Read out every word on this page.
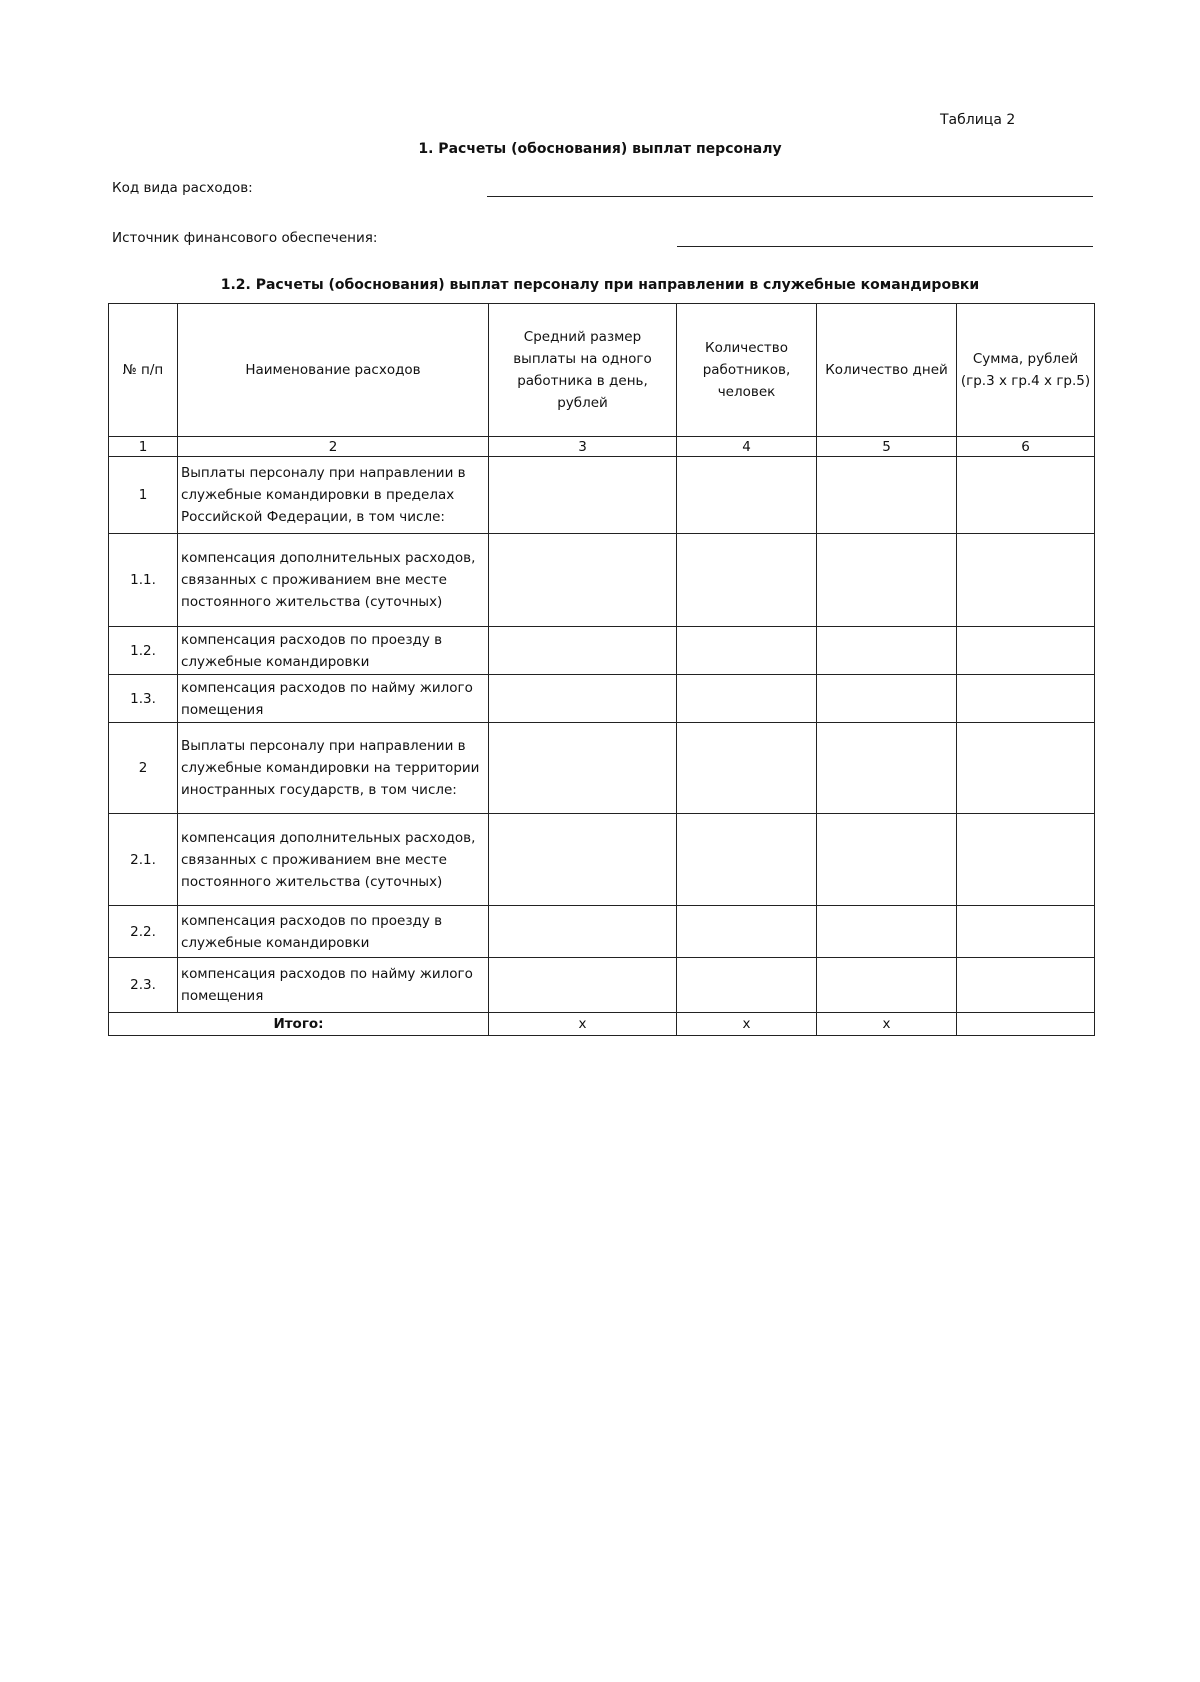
Таблица 2
1. Расчеты (обоснования) выплат персоналу
Код вида расходов:
Источник финансового обеспечения:
1.2. Расчеты (обоснования) выплат персоналу при направлении в служебные командировки
№ п/п	Наименование расходов	Средний размер выплаты на одного работника в день, рублей	Количество работников, человек	Количество дней	Сумма, рублей (гр.3 х гр.4 х гр.5)
1	2	3	4	5	6
1	Выплаты персоналу при направлении в служебные командировки в пределах Российской Федерации, в том числе:				
1.1.	компенсация дополнительных расходов, связанных с проживанием вне месте постоянного жительства (суточных)				
1.2.	компенсация расходов по проезду в служебные командировки				
1.3.	компенсация расходов по найму жилого помещения				
2	Выплаты персоналу при направлении в служебные командировки на территории иностранных государств, в том числе:				
2.1.	компенсация дополнительных расходов, связанных с проживанием вне месте постоянного жительства (суточных)				
2.2.	компенсация расходов по проезду в служебные командировки				
2.3.	компенсация расходов по найму жилого помещения				
Итого:		х	х	х	
